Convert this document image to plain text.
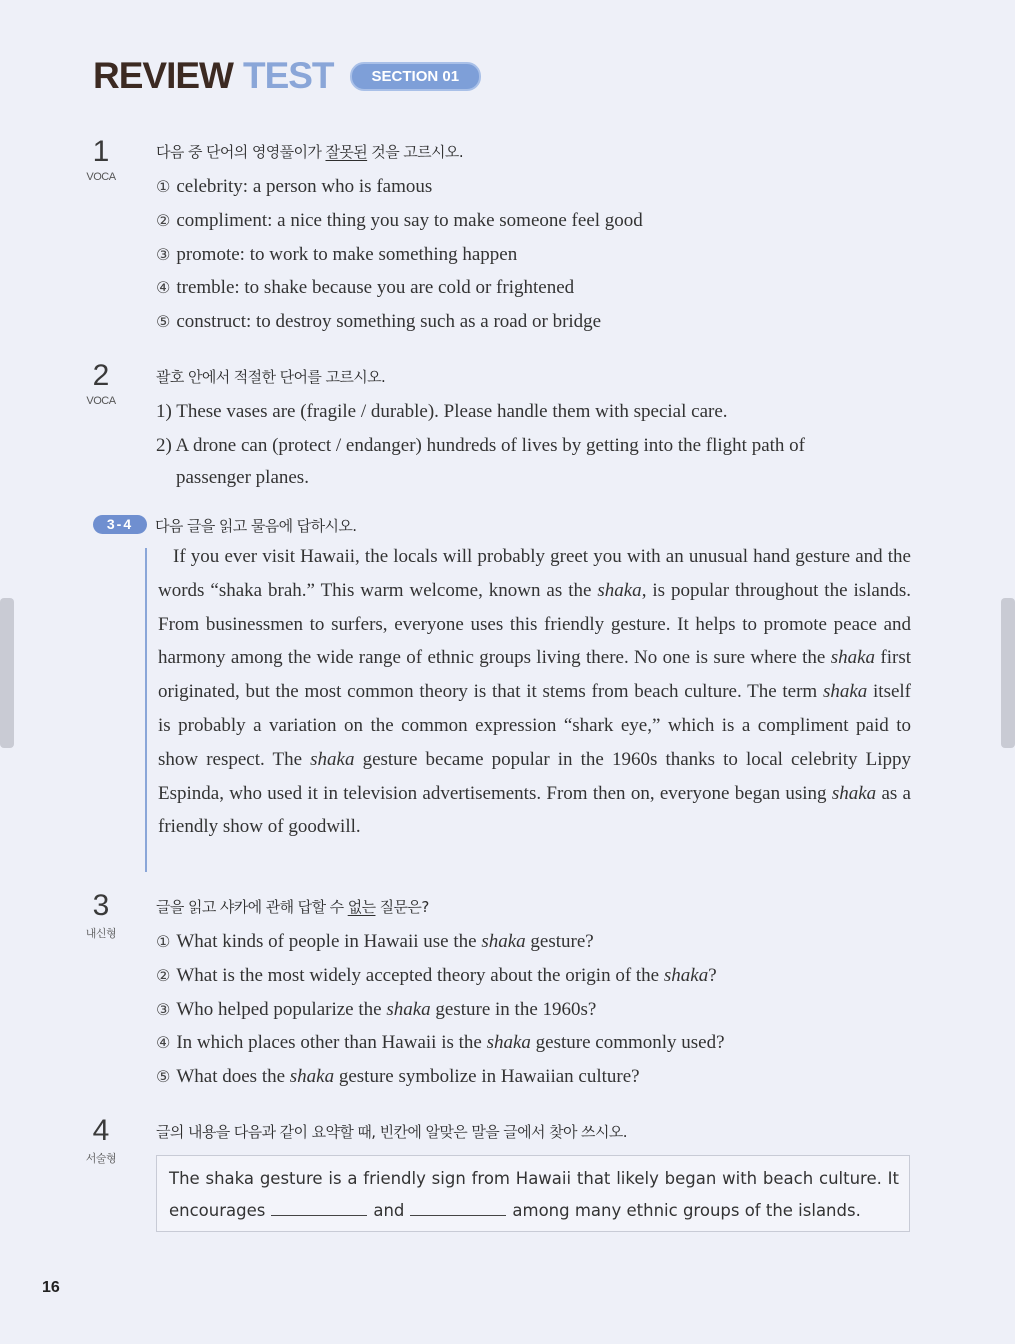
REVIEW TEST	SECTION 01
1
VOCA
다음 중 단어의 영영풀이가 잘못된 것을 고르시오.
① celebrity: a person who is famous
② compliment: a nice thing you say to make someone feel good
③ promote: to work to make something happen
④ tremble: to shake because you are cold or frightened
⑤ construct: to destroy something such as a road or bridge
2
VOCA
괄호 안에서 적절한 단어를 고르시오.
1) These vases are (fragile / durable). Please handle them with special care.
2) A drone can (protect / endanger) hundreds of lives by getting into the flight path of
passenger planes.
3-4	다음 글을 읽고 물음에 답하시오.
If you ever visit Hawaii, the locals will probably greet you with an unusual hand gesture and the words “shaka brah.” This warm welcome, known as the shaka, is popular throughout the islands. From businessmen to surfers, everyone uses this friendly gesture. It helps to promote peace and harmony among the wide range of ethnic groups living there. No one is sure where the shaka first originated, but the most common theory is that it stems from beach culture. The term shaka itself is probably a variation on the common expression “shark eye,” which is a compliment paid to show respect. The shaka gesture became popular in the 1960s thanks to local celebrity Lippy Espinda, who used it in television advertisements. From then on, everyone began using shaka as a friendly show of goodwill.
3
내신형
글을 읽고 샤카에 관해 답할 수 없는 질문은?
① What kinds of people in Hawaii use the shaka gesture?
② What is the most widely accepted theory about the origin of the shaka?
③ Who helped popularize the shaka gesture in the 1960s?
④ In which places other than Hawaii is the shaka gesture commonly used?
⑤ What does the shaka gesture symbolize in Hawaiian culture?
4
서술형
글의 내용을 다음과 같이 요약할 때, 빈칸에 알맞은 말을 글에서 찾아 쓰시오.
The shaka gesture is a friendly sign from Hawaii that likely began with beach culture. It encourages	and	among many ethnic groups of the islands.
16
